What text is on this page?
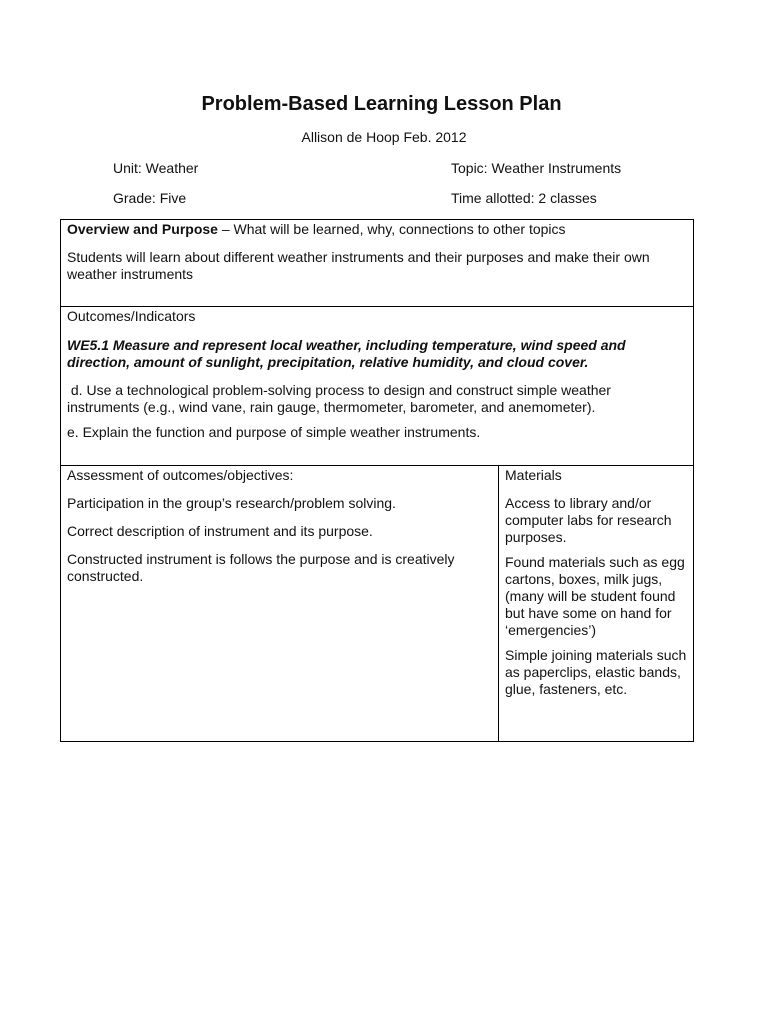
Problem-Based Learning Lesson Plan
Allison de Hoop Feb. 2012
Unit: Weather	Topic: Weather Instruments
Grade: Five	Time allotted: 2 classes

Overview and Purpose – What will be learned, why, connections to other topics

Students will learn about different weather instruments and their purposes and make their own weather instruments

Outcomes/Indicators

WE5.1 Measure and represent local weather, including temperature, wind speed and direction, amount of sunlight, precipitation, relative humidity, and cloud cover.

d. Use a technological problem-solving process to design and construct simple weather instruments (e.g., wind vane, rain gauge, thermometer, barometer, and anemometer).

e. Explain the function and purpose of simple weather instruments.

Assessment of outcomes/objectives:

Participation in the group’s research/problem solving.

Correct description of instrument and its purpose.

Constructed instrument is follows the purpose and is creatively constructed.

Materials

Access to library and/or computer labs for research purposes.

Found materials such as egg cartons, boxes, milk jugs, (many will be student found but have some on hand for ‘emergencies’)

Simple joining materials such as paperclips, elastic bands, glue, fasteners, etc.
